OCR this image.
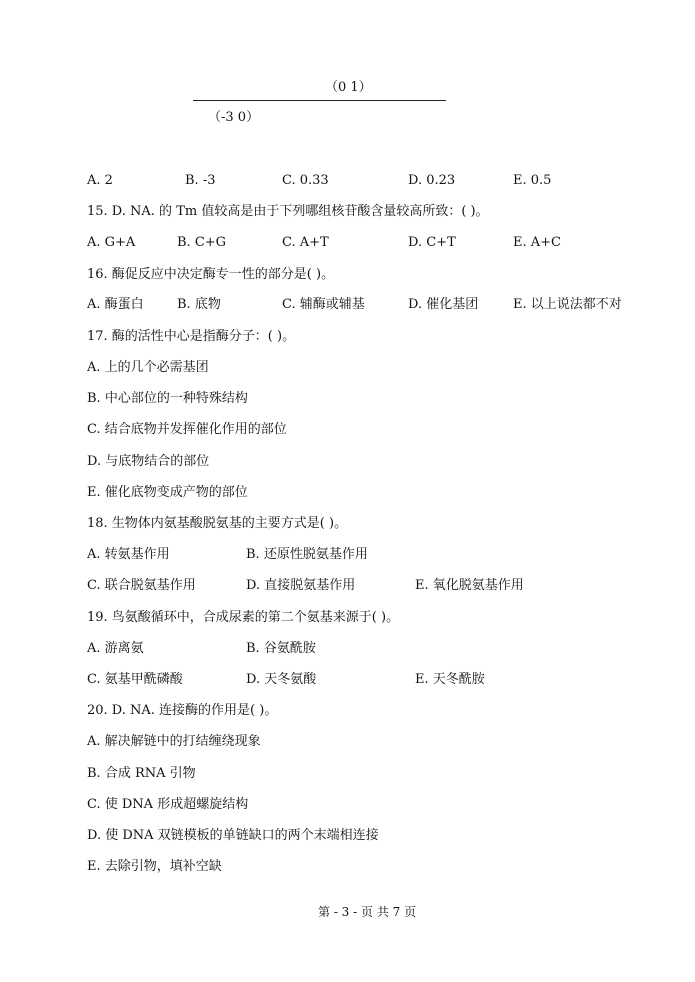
（0 1）
（-3 0）
A. 2	B. -3	C. 0.33	D. 0.23	E. 0.5
15. D. NA. 的 Tm 值较高是由于下列哪组核苷酸含量较高所致：( )。
A. G+A	B. C+G	C. A+T	D. C+T	E. A+C
16. 酶促反应中决定酶专一性的部分是( )。
A. 酶蛋白	B. 底物	C. 辅酶或辅基	D. 催化基团	E. 以上说法都不对
17. 酶的活性中心是指酶分子：( )。
A. 上的几个必需基团
B. 中心部位的一种特殊结构
C. 结合底物并发挥催化作用的部位
D. 与底物结合的部位
E. 催化底物变成产物的部位
18. 生物体内氨基酸脱氨基的主要方式是( )。
A. 转氨基作用	B. 还原性脱氨基作用
C. 联合脱氨基作用	D. 直接脱氨基作用	E. 氧化脱氨基作用
19. 鸟氨酸循环中，合成尿素的第二个氨基来源于( )。
A. 游离氨	B. 谷氨酰胺
C. 氨基甲酰磷酸	D. 天冬氨酸	E. 天冬酰胺
20. D. NA. 连接酶的作用是( )。
A. 解决解链中的打结缠绕现象
B. 合成 RNA 引物
C. 使 DNA 形成超螺旋结构
D. 使 DNA 双链模板的单链缺口的两个末端相连接
E. 去除引物，填补空缺
第 - 3 - 页 共 7 页
